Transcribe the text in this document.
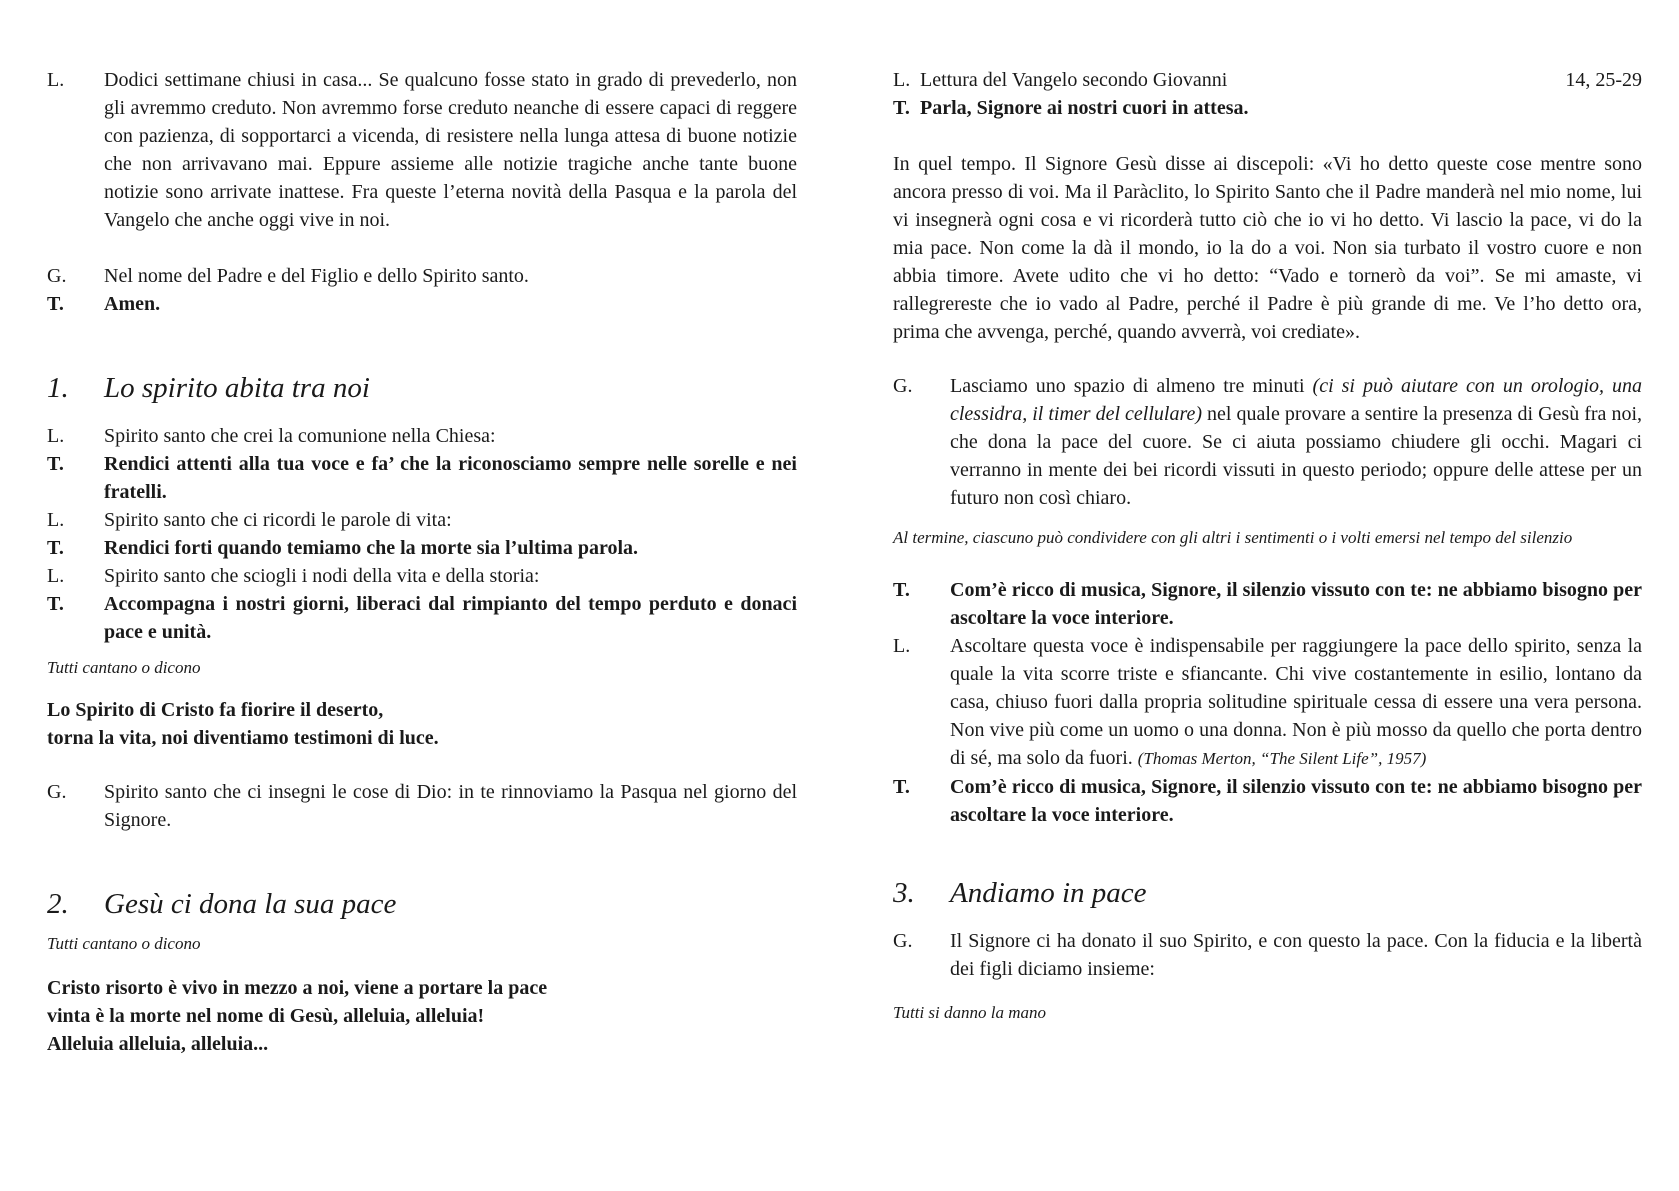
L. Dodici settimane chiusi in casa... Se qualcuno fosse stato in grado di prevederlo, non gli avremmo creduto. Non avremmo forse creduto neanche di essere capaci di reggere con pazienza, di sopportarci a vicenda, di resistere nella lunga attesa di buone notizie che non arrivavano mai. Eppure assieme alle notizie tragiche anche tante buone notizie sono arrivate inattese. Fra queste l’eterna novità della Pasqua e la parola del Vangelo che anche oggi vive in noi.
G. Nel nome del Padre e del Figlio e dello Spirito santo.
T. Amen.
1. Lo spirito abita tra noi
L. Spirito santo che crei la comunione nella Chiesa:
T. Rendici attenti alla tua voce e fa’ che la riconosciamo sempre nelle sorelle e nei fratelli.
L. Spirito santo che ci ricordi le parole di vita:
T. Rendici forti quando temiamo che la morte sia l’ultima parola.
L. Spirito santo che sciogli i nodi della vita e della storia:
T. Accompagna i nostri giorni, liberaci dal rimpianto del tempo perduto e donaci pace e unità.
Tutti cantano o dicono
Lo Spirito di Cristo fa fiorire il deserto,
torna la vita, noi diventiamo testimoni di luce.
G. Spirito santo che ci insegni le cose di Dio: in te rinnoviamo la Pasqua nel giorno del Signore.
2. Gesù ci dona la sua pace
Tutti cantano o dicono
Cristo risorto è vivo in mezzo a noi, viene a portare la pace
vinta è la morte nel nome di Gesù, alleluia, alleluia!
Alleluia alleluia, alleluia...
L. Lettura del Vangelo secondo Giovanni	14, 25-29
T. Parla, Signore ai nostri cuori in attesa.
In quel tempo. Il Signore Gesù disse ai discepoli: «Vi ho detto queste cose mentre sono ancora presso di voi. Ma il Paràclito, lo Spirito Santo che il Padre manderà nel mio nome, lui vi insegnerà ogni cosa e vi ricorderà tutto ciò che io vi ho detto. Vi lascio la pace, vi do la mia pace. Non come la dà il mondo, io la do a voi. Non sia turbato il vostro cuore e non abbia timore. Avete udito che vi ho detto: “Vado e tornerò da voi”. Se mi amaste, vi rallegrereste che io vado al Padre, perché il Padre è più grande di me. Ve l’ho detto ora, prima che avvenga, perché, quando avverrà, voi crediate».
G. Lasciamo uno spazio di almeno tre minuti (ci si può aiutare con un orologio, una clessidra, il timer del cellulare) nel quale provare a sentire la presenza di Gesù fra noi, che dona la pace del cuore. Se ci aiuta possiamo chiudere gli occhi. Magari ci verranno in mente dei bei ricordi vissuti in questo periodo; oppure delle attese per un futuro non così chiaro.
Al termine, ciascuno può condividere con gli altri i sentimenti o i volti emersi nel tempo del silenzio
T. Com’è ricco di musica, Signore, il silenzio vissuto con te: ne abbiamo bisogno per ascoltare la voce interiore.
L. Ascoltare questa voce è indispensabile per raggiungere la pace dello spirito, senza la quale la vita scorre triste e sfiancante. Chi vive costantemente in esilio, lontano da casa, chiuso fuori dalla propria solitudine spirituale cessa di essere una vera persona. Non vive più come un uomo o una donna. Non è più mosso da quello che porta dentro di sé, ma solo da fuori. (Thomas Merton, “The Silent Life”, 1957)
T. Com’è ricco di musica, Signore, il silenzio vissuto con te: ne abbiamo bisogno per ascoltare la voce interiore.
3. Andiamo in pace
G. Il Signore ci ha donato il suo Spirito, e con questo la pace. Con la fiducia e la libertà dei figli diciamo insieme:
Tutti si danno la mano
